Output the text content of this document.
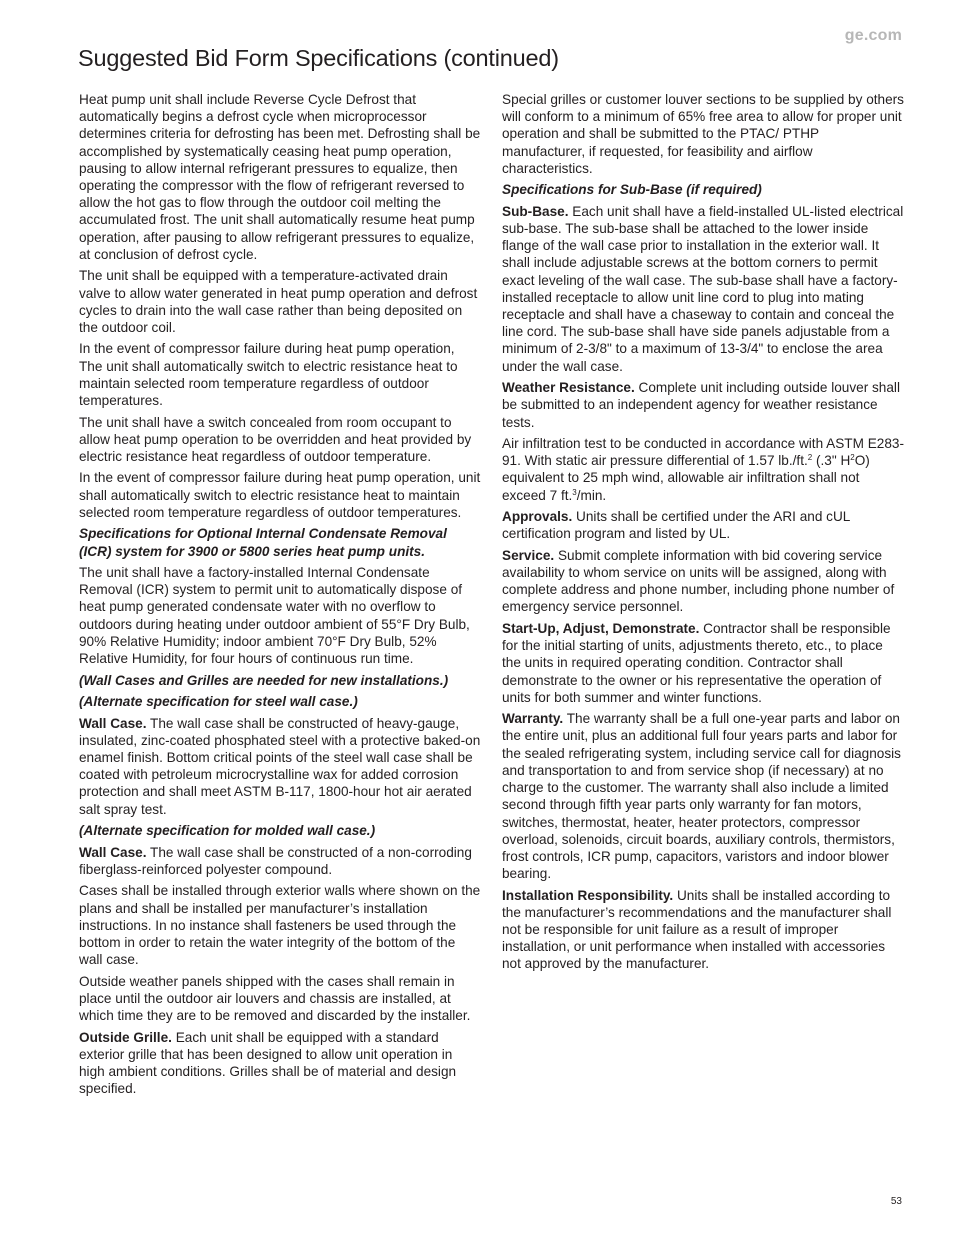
ge.com
Suggested Bid Form Specifications (continued)

Heat pump unit shall include Reverse Cycle Defrost that automatically begins a defrost cycle when microprocessor determines criteria for defrosting has been met. Defrosting shall be accomplished by systematically ceasing heat pump operation, pausing to allow internal refrigerant pressures to equalize, then operating the compressor with the flow of refrigerant reversed to allow the hot gas to flow through the outdoor coil melting the accumulated frost. The unit shall automatically resume heat pump operation, after pausing to allow refrigerant pressures to equalize, at conclusion of defrost cycle.

The unit shall be equipped with a temperature-activated drain valve to allow water generated in heat pump operation and defrost cycles to drain into the wall case rather than being deposited on the outdoor coil.

In the event of compressor failure during heat pump operation, The unit shall automatically switch to electric resistance heat to maintain selected room temperature regardless of outdoor temperatures.

The unit shall have a switch concealed from room occupant to allow heat pump operation to be overridden and heat provided by electric resistance heat regardless of outdoor temperature.

In the event of compressor failure during heat pump operation, unit shall automatically switch to electric resistance heat to maintain selected room temperature regardless of outdoor temperatures.

Specifications for Optional Internal Condensate Removal (ICR) system for 3900 or 5800 series heat pump units.

The unit shall have a factory-installed Internal Condensate Removal (ICR) system to permit unit to automatically dispose of heat pump generated condensate water with no overflow to outdoors during heating under outdoor ambient of 55°F Dry Bulb, 90% Relative Humidity; indoor ambient 70°F Dry Bulb, 52% Relative Humidity, for four hours of continuous run time.

(Wall Cases and Grilles are needed for new installations.)

(Alternate specification for steel wall case.)

Wall Case. The wall case shall be constructed of heavy-gauge, insulated, zinc-coated phosphated steel with a protective baked-on enamel finish. Bottom critical points of the steel wall case shall be coated with petroleum microcrystalline wax for added corrosion protection and shall meet ASTM B-117, 1800-hour hot air aerated salt spray test.

(Alternate specification for molded wall case.)

Wall Case. The wall case shall be constructed of a non-corroding fiberglass-reinforced polyester compound.

Cases shall be installed through exterior walls where shown on the plans and shall be installed per manufacturer’s installation instructions. In no instance shall fasteners be used through the bottom in order to retain the water integrity of the bottom of the wall case.

Outside weather panels shipped with the cases shall remain in place until the outdoor air louvers and chassis are installed, at which time they are to be removed and discarded by the installer.

Outside Grille. Each unit shall be equipped with a standard exterior grille that has been designed to allow unit operation in high ambient conditions. Grilles shall be of material and design specified.

Special grilles or customer louver sections to be supplied by others will conform to a minimum of 65% free area to allow for proper unit operation and shall be submitted to the PTAC/ PTHP manufacturer, if requested, for feasibility and airflow characteristics.

Specifications for Sub-Base (if required)

Sub-Base. Each unit shall have a field-installed UL-listed electrical sub-base. The sub-base shall be attached to the lower inside flange of the wall case prior to installation in the exterior wall. It shall include adjustable screws at the bottom corners to permit exact leveling of the wall case. The sub-base shall have a factory-installed receptacle to allow unit line cord to plug into mating receptacle and shall have a chaseway to contain and conceal the line cord. The sub-base shall have side panels adjustable from a minimum of 2-3/8" to a maximum of 13-3/4" to enclose the area under the wall case.

Weather Resistance. Complete unit including outside louver shall be submitted to an independent agency for weather resistance tests.

Air infiltration test to be conducted in accordance with ASTM E283-91. With static air pressure differential of 1.57 lb./ft.$^2$ (.3" $H^2O$) equivalent to 25 mph wind, allowable air infiltration shall not exceed 7 ft.$^3$/min.

Approvals. Units shall be certified under the ARI and cUL certification program and listed by UL.

Service. Submit complete information with bid covering service availability to whom service on units will be assigned, along with complete address and phone number, including phone number of emergency service personnel.

Start-Up, Adjust, Demonstrate. Contractor shall be responsible for the initial starting of units, adjustments thereto, etc., to place the units in required operating condition. Contractor shall demonstrate to the owner or his representative the operation of units for both summer and winter functions.

Warranty. The warranty shall be a full one-year parts and labor on the entire unit, plus an additional full four years parts and labor for the sealed refrigerating system, including service call for diagnosis and transportation to and from service shop (if necessary) at no charge to the customer. The warranty shall also include a limited second through fifth year parts only warranty for fan motors, switches, thermostat, heater, heater protectors, compressor overload, solenoids, circuit boards, auxiliary controls, thermistors, frost controls, ICR pump, capacitors, varistors and indoor blower bearing.

Installation Responsibility. Units shall be installed according to the manufacturer’s recommendations and the manufacturer shall not be responsible for unit failure as a result of improper installation, or unit performance when installed with accessories not approved by the manufacturer.

53
